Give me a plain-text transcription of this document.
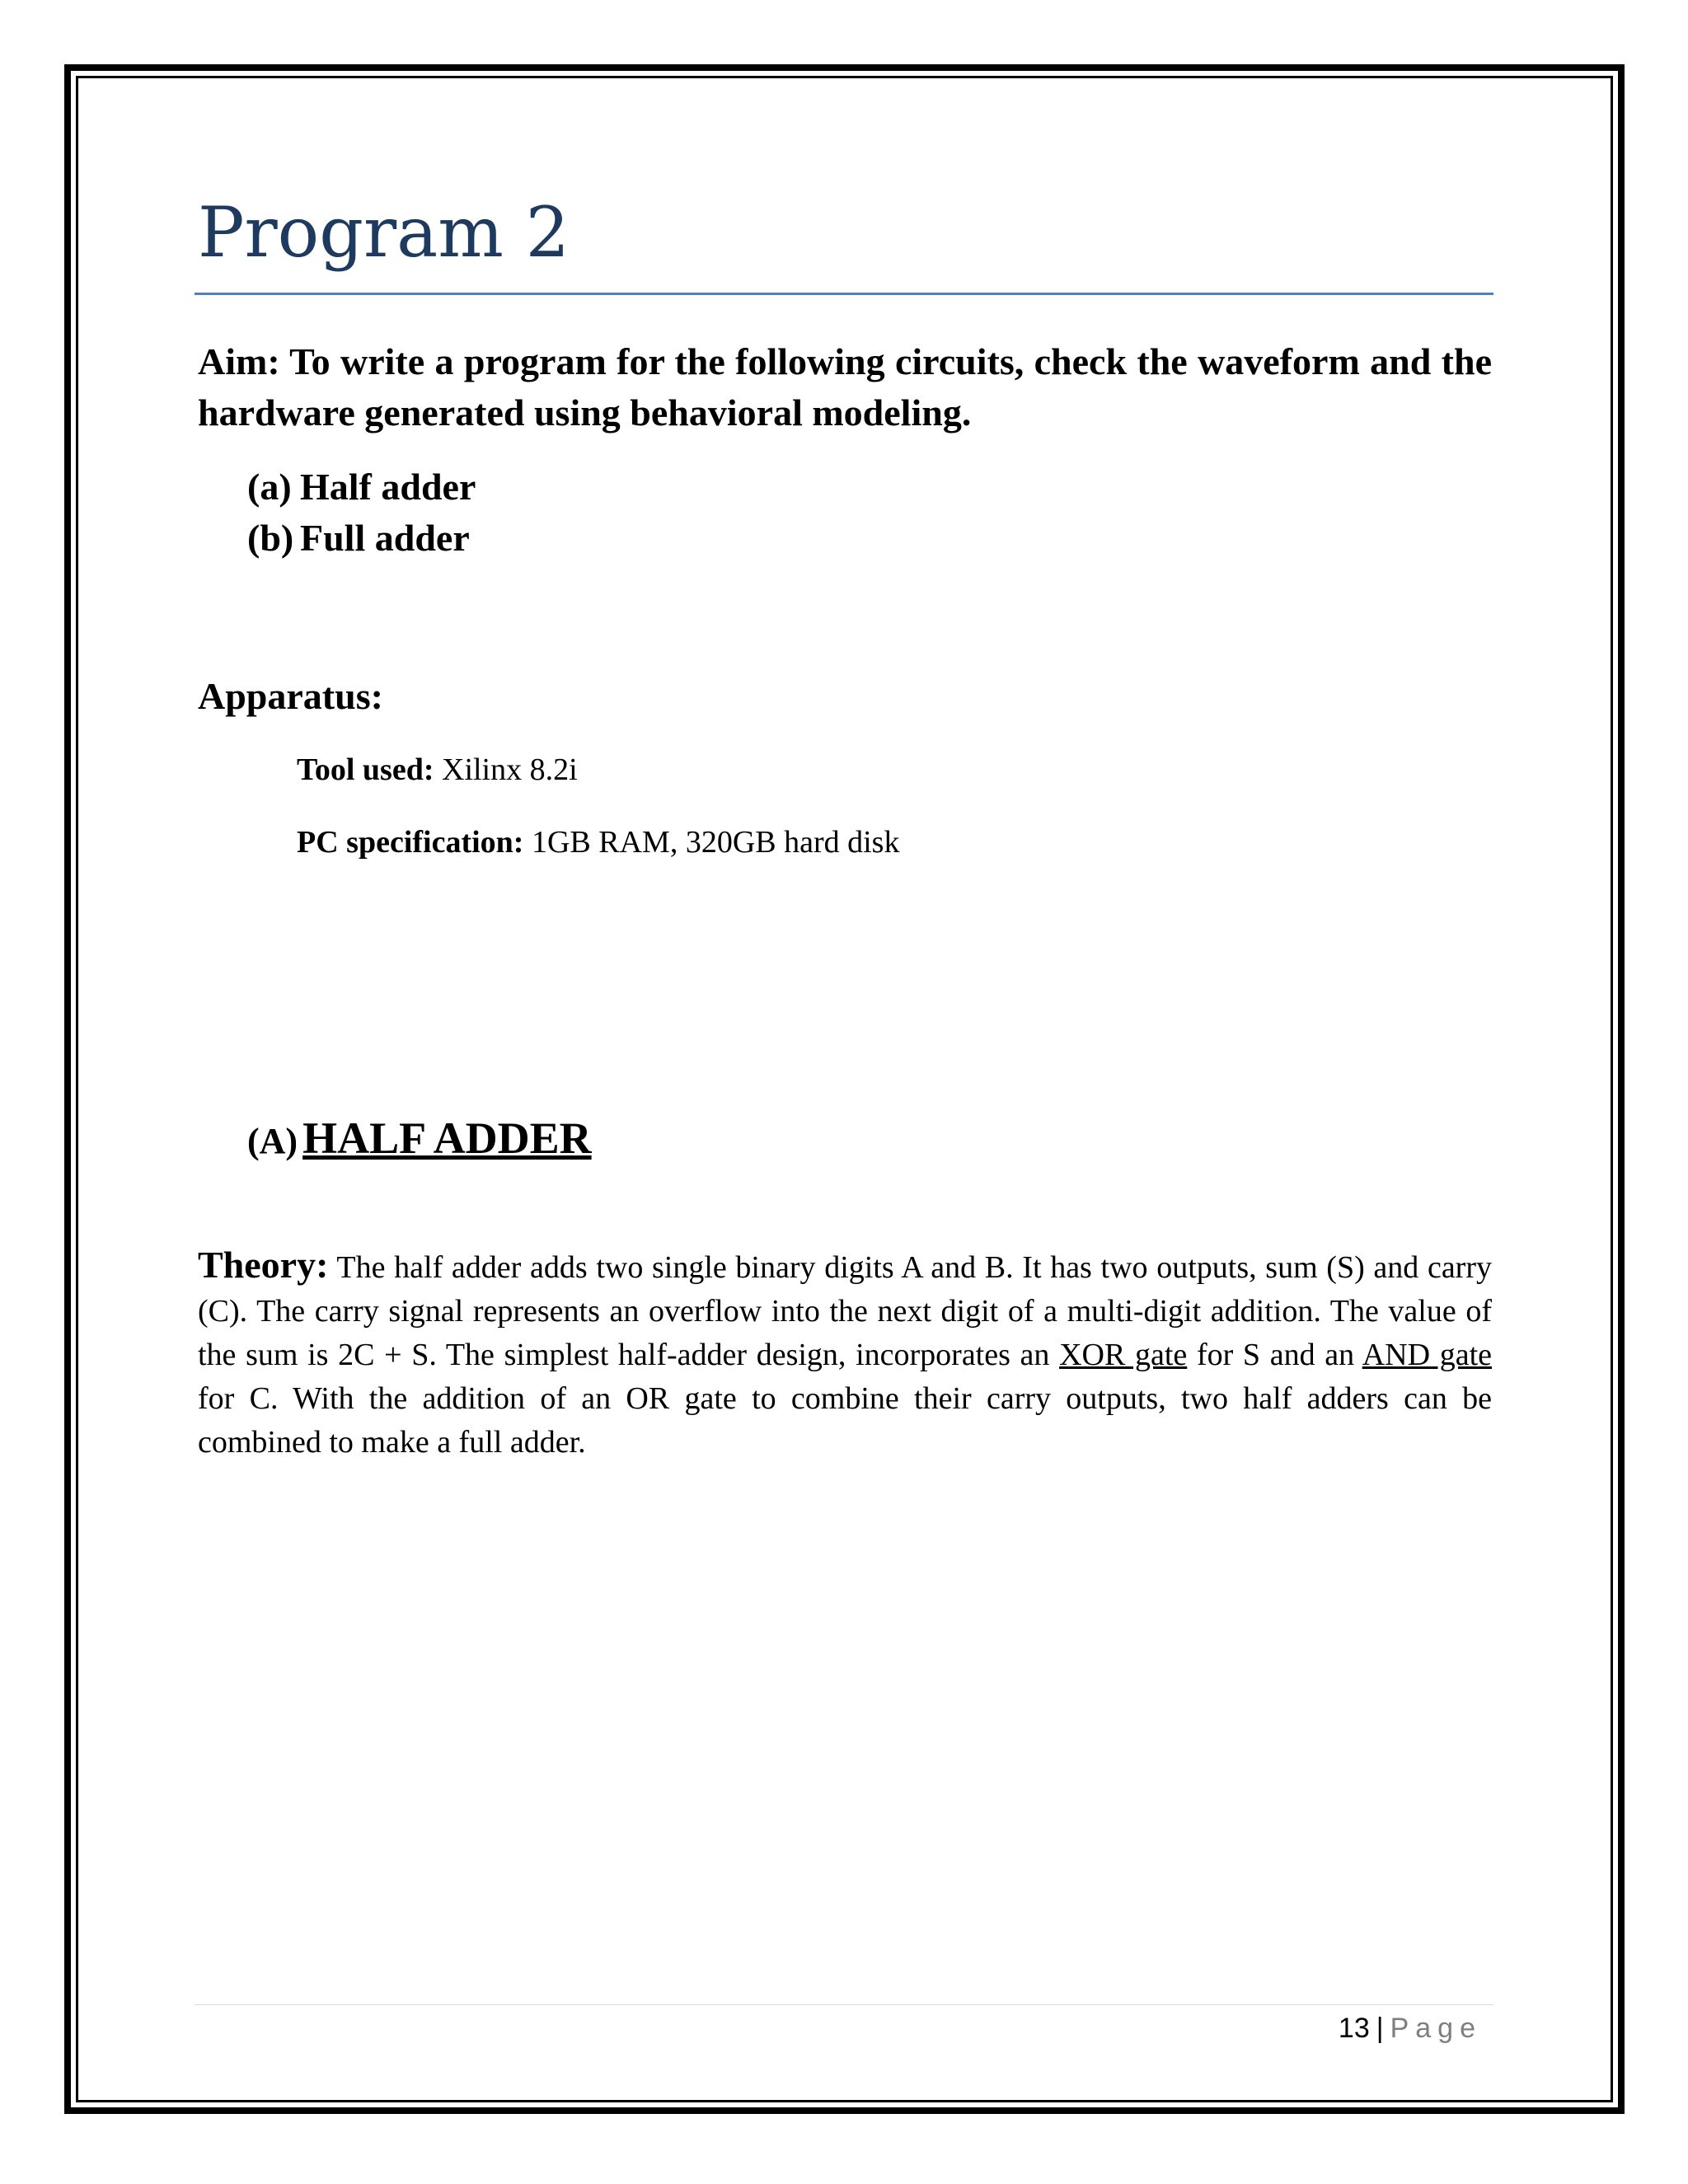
Program 2

Aim: To write a program for the following circuits, check the waveform and the hardware generated using behavioral modeling.

(a) Half adder
(b) Full adder
Apparatus:

Tool used: Xilinx 8.2i

PC specification: 1GB RAM, 320GB hard disk

(A) HALF ADDER

Theory: The half adder adds two single binary digits A and B. It has two outputs, sum (S) and carry (C). The carry signal represents an overflow into the next digit of a multi-digit addition. The value of the sum is 2C + S. The simplest half-adder design, incorporates an XOR gate for S and an AND gate for C. With the addition of an OR gate to combine their carry outputs, two half adders can be combined to make a full adder.

13 | Page
